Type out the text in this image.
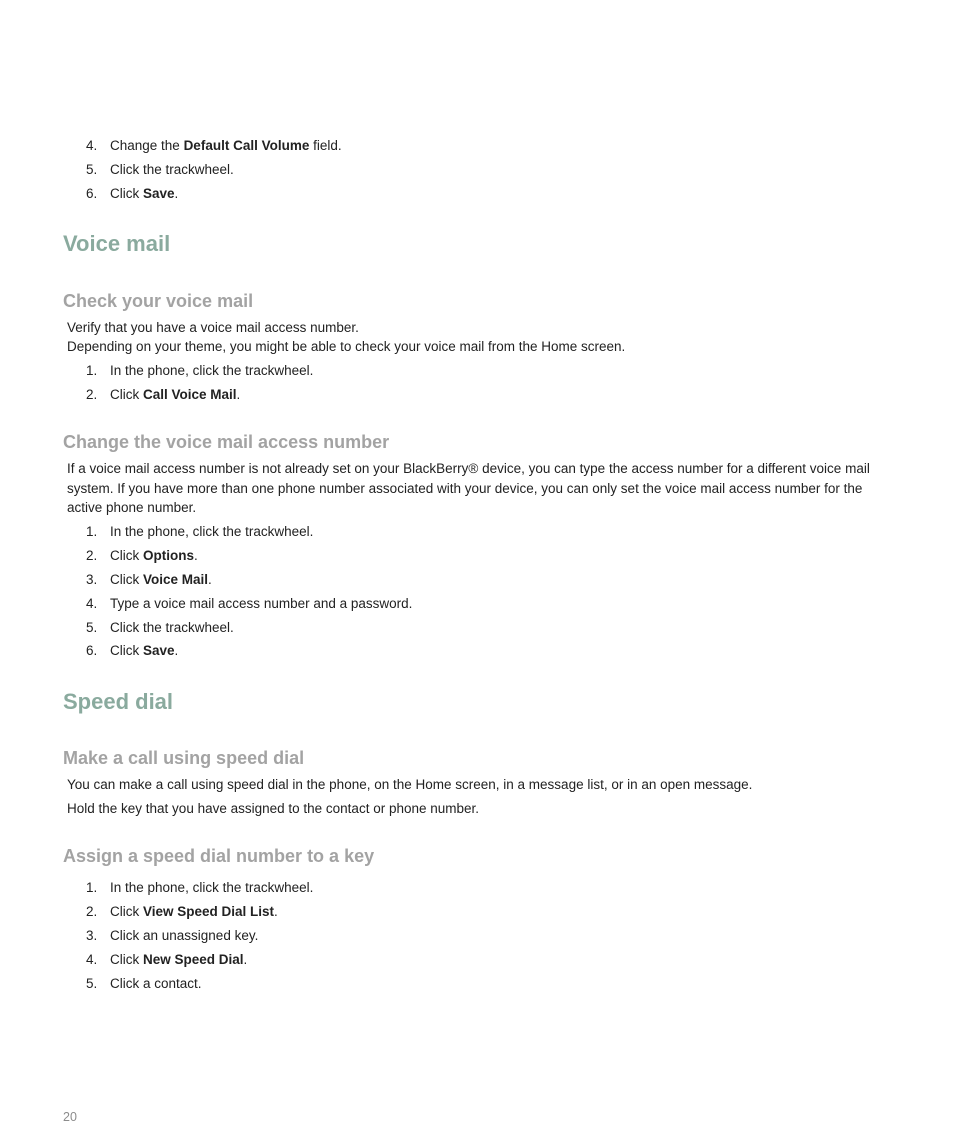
4. Change the Default Call Volume field.
5. Click the trackwheel.
6. Click Save.
Voice mail
Check your voice mail
Verify that you have a voice mail access number.
Depending on your theme, you might be able to check your voice mail from the Home screen.
1. In the phone, click the trackwheel.
2. Click Call Voice Mail.
Change the voice mail access number
If a voice mail access number is not already set on your BlackBerry® device, you can type the access number for a different voice mail system. If you have more than one phone number associated with your device, you can only set the voice mail access number for the active phone number.
1. In the phone, click the trackwheel.
2. Click Options.
3. Click Voice Mail.
4. Type a voice mail access number and a password.
5. Click the trackwheel.
6. Click Save.
Speed dial
Make a call using speed dial
You can make a call using speed dial in the phone, on the Home screen, in a message list, or in an open message.
Hold the key that you have assigned to the contact or phone number.
Assign a speed dial number to a key
1. In the phone, click the trackwheel.
2. Click View Speed Dial List.
3. Click an unassigned key.
4. Click New Speed Dial.
5. Click a contact.
20
